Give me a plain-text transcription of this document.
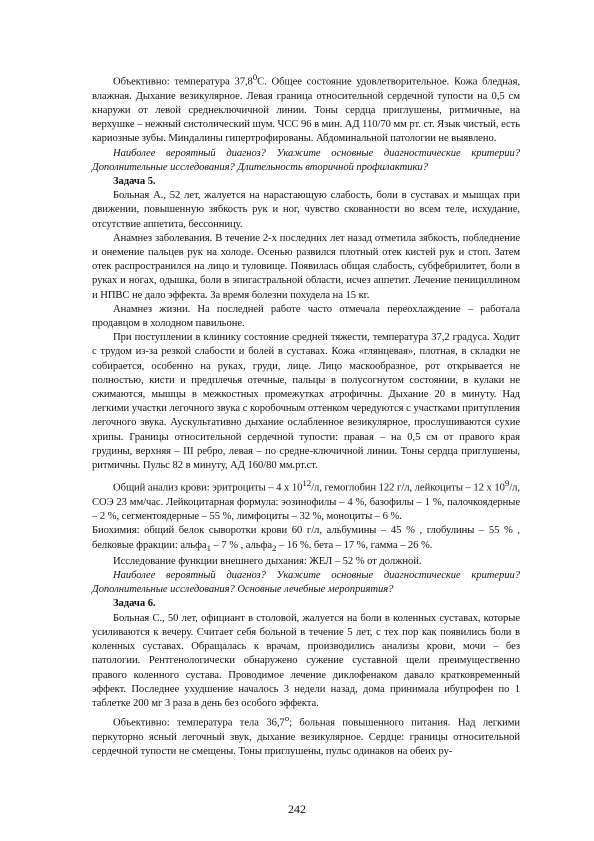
Объективно: температура 37,8$^0$С. Общее состояние удовлетворительное. Кожа бледная, влажная. Дыхание везикулярное. Левая граница относительной сердечной тупости на 0,5 см кнаружи от левой среднеключичной линии. Тоны сердца приглушены, ритмичные, на верхушке – нежный систолический шум. ЧСС 96 в мин. АД 110/70 мм рт. ст. Язык чистый, есть кариозные зубы. Миндалины гипертрофированы. Абдоминальной патологии не выявлено.

Наиболее вероятный диагноз? Укажите основные диагностические критерии? Дополнительные исследования? Длительность вторичной профилактики?

Задача 5.

Больная А., 52 лет, жалуется на нарастающую слабость, боли в суставах и мышцах при движении, повышенную зябкость рук и ног, чувство скованности во всем теле, исхудание, отсутствие аппетита, бессонницу.

Анамнез заболевания. В течение 2-х последних лет назад отметила зябкость, побледнение и онемение пальцев рук на холоде. Осенью развился плотный отек кистей рук и стоп. Затем отек распространился на лицо и туловище. Появилась общая слабость, субфебрилитет, боли в руках и ногах, одышка, боли в эпигастральной области, исчез аппетит. Лечение пенициллином и НПВС не дало эффекта. За время болезни похудела на 15 кг.

Анамнез жизни. На последней работе часто отмечала переохлаждение – работала продавцом в холодном павильоне.

При поступлении в клинику состояние средней тяжести, температура 37,2 градуса. Ходит с трудом из-за резкой слабости и болей в суставах. Кожа «глянцевая», плотная, в складки не собирается, особенно на руках, груди, лице. Лицо маскообразное, рот открывается не полностью, кисти и предплечья отечные, пальцы в полусогнутом состоянии, в кулаки не сжимаются, мышцы в межкостных промежутках атрофичны. Дыхание 20 в минуту. Над легкими участки легочного звука с коробочным оттенком чередуются с участками притупления легочного звука. Аускультативно дыхание ослабленное везикулярное, прослушиваются сухие хрипы. Границы относительной сердечной тупости: правая – на 0,5 см от правого края грудины, верхняя – III ребро, левая – по средне-ключичной линии. Тоны сердца приглушены, ритмичны. Пульс 82 в минуту, АД 160/80 мм.рт.ст.

Общий анализ крови: эритроциты – 4 х $10^{12}/л$, гемоглобин 122 г/л, лейкоциты – 12 х $10^9/л$, СОЭ 23 мм/час. Лейкоцитарная формула: эозинофилы – 4 %, базофилы – 1 %, палочкоядерные – 2 %, сегментоядерные – 55 %, лимфоциты – 32 %, моноциты – 6 %.

Биохимия: общий белок сыворотки крови 60 г/л, альбумины – 45 % , глобулины – 55 % , белковые фракции: альфа$_1$ – 7 % , альфа$_2$ – 16 %. бета – 17 %, гамма – 26 %.

Исследование функции внешнего дыхания: ЖЕЛ – 52 % от должной.

Наиболее вероятный диагноз? Укажите основные диагностические критерии? Дополнительные исследования? Основные лечебные мероприятия?

Задача 6.

Больная С., 50 лет, официант в столовой, жалуется на боли в коленных суставах, которые усиливаются к вечеру. Считает себя больной в течение 5 лет, с тех пор как появились боли в коленных суставах. Обращалась к врачам, производились анализы крови, мочи – без патологии. Рентгенологически обнаружено сужение суставной щели преимущественно правого коленного сустава. Проводимое лечение диклофенаком давало кратковременный эффект. Последнее ухудшение началось 3 недели назад, дома принимала ибупрофен по 1 таблетке 200 мг 3 раза в день без особого эффекта.

Объективно: температура тела $36,7^о$; больная повышенного питания. Над легкими перкуторно ясный легочный звук, дыхание везикулярное. Сердце: границы относительной сердечной тупости не смещены. Тоны приглушены, пульс одинаков на обеих ру-

242
